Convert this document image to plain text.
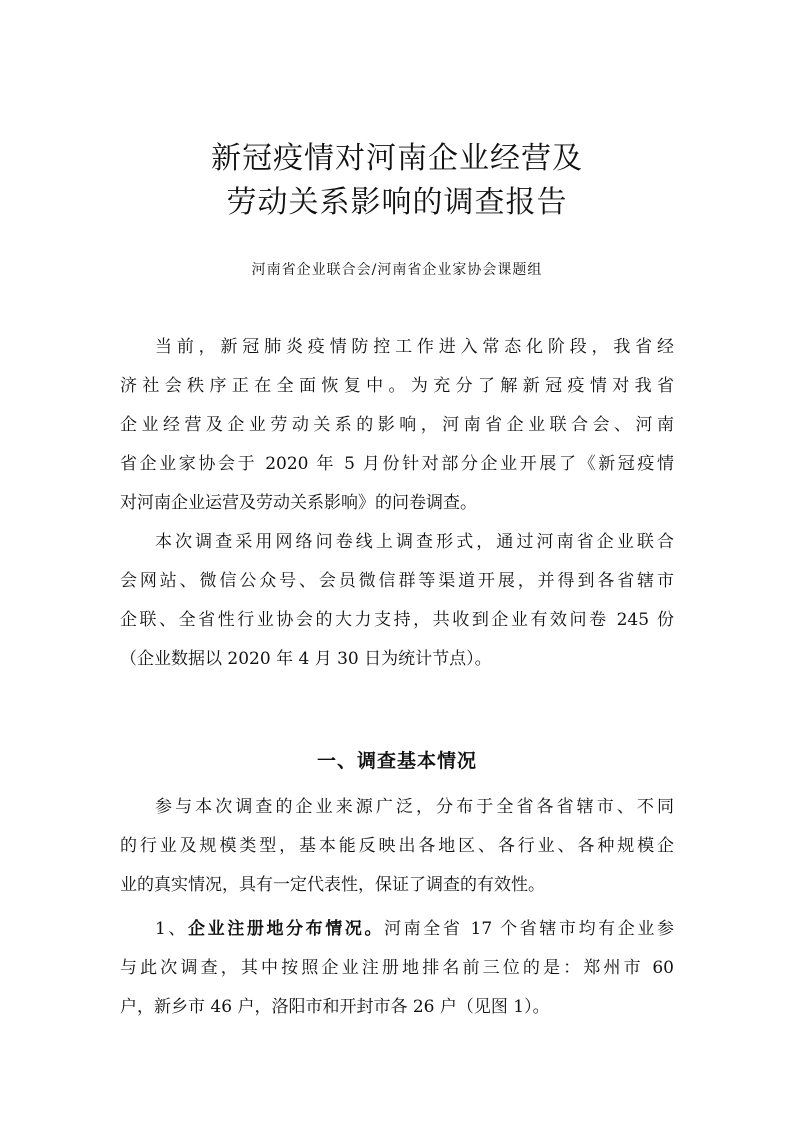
新冠疫情对河南企业经营及
劳动关系影响的调查报告
河南省企业联合会/河南省企业家协会课题组
当前，新冠肺炎疫情防控工作进入常态化阶段，我省经
济社会秩序正在全面恢复中。为充分了解新冠疫情对我省
企业经营及企业劳动关系的影响，河南省企业联合会、河南
省企业家协会于 2020 年 5 月份针对部分企业开展了《新冠疫情
对河南企业运营及劳动关系影响》的问卷调查。
本次调查采用网络问卷线上调查形式，通过河南省企业联合
会网站、微信公众号、会员微信群等渠道开展，并得到各省辖市
企联、全省性行业协会的大力支持，共收到企业有效问卷 245 份
（企业数据以 2020 年 4 月 30 日为统计节点）。
一、调查基本情况
参与本次调查的企业来源广泛，分布于全省各省辖市、不同
的行业及规模类型，基本能反映出各地区、各行业、各种规模企
业的真实情况，具有一定代表性，保证了调查的有效性。
1、企业注册地分布情况。河南全省 17 个省辖市均有企业参
与此次调查，其中按照企业注册地排名前三位的是：郑州市 60
户，新乡市 46 户，洛阳市和开封市各 26 户（见图 1）。
